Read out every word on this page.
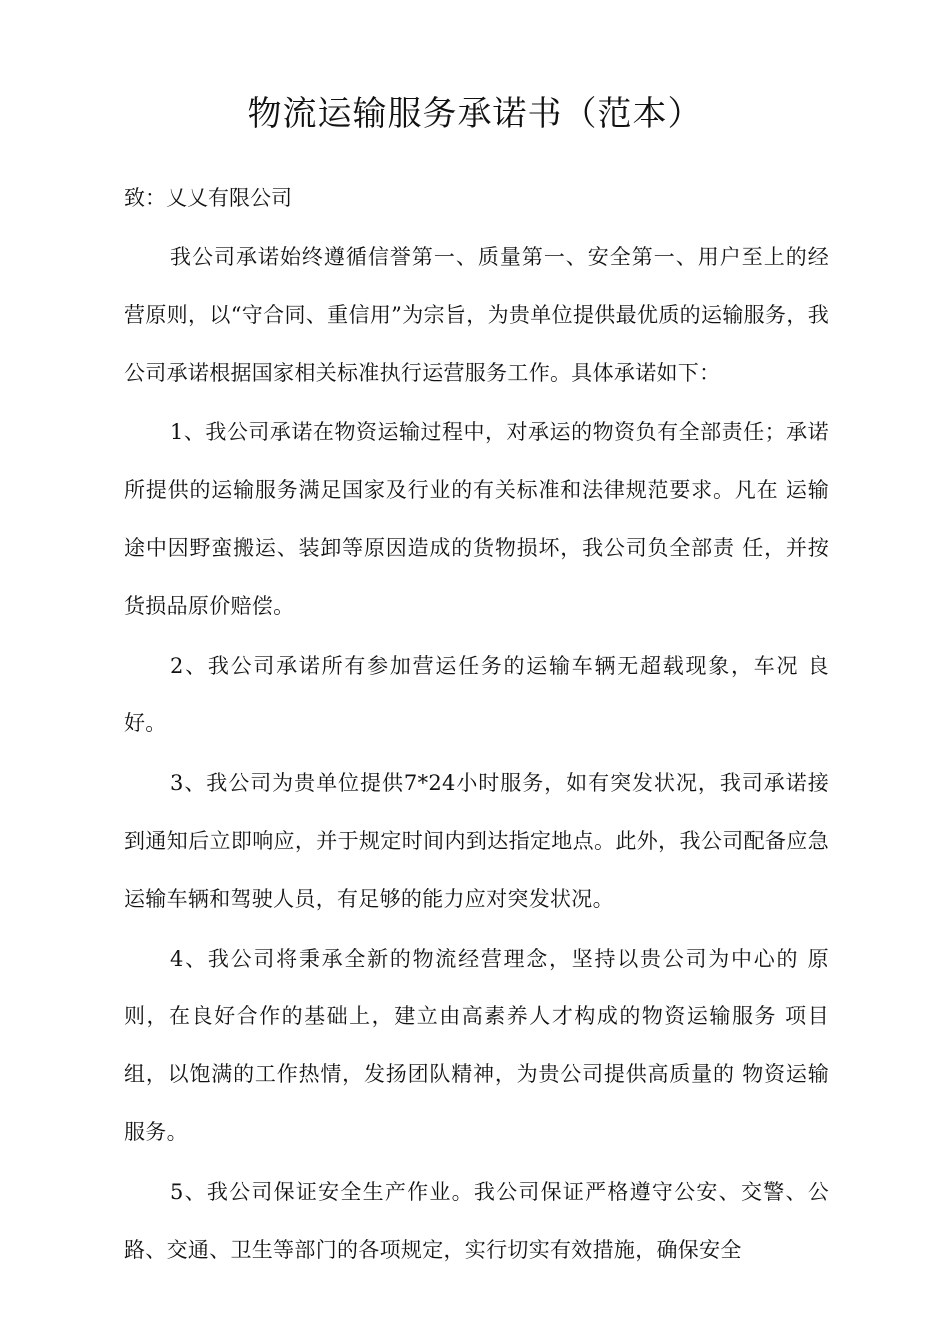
物流运输服务承诺书（范本）

致：乂乂有限公司

我公司承诺始终遵循信誉第一、质量第一、安全第一、用户至上的经营原则，以“守合同、重信用”为宗旨，为贵单位提供最优质的运输服务，我公司承诺根据国家相关标准执行运营服务工作。具体承诺如下：

1、我公司承诺在物资运输过程中，对承运的物资负有全部责任；承诺所提供的运输服务满足国家及行业的有关标准和法律规范要求。凡在 运输途中因野蛮搬运、装卸等原因造成的货物损坏，我公司负全部责 任，并按货损品原价赔偿。

2、我公司承诺所有参加营运任务的运输车辆无超载现象，车况 良好。

3、我公司为贵单位提供7*24小时服务，如有突发状况，我司承诺接到通知后立即响应，并于规定时间内到达指定地点。此外，我公司配备应急运输车辆和驾驶人员，有足够的能力应对突发状况。

4、我公司将秉承全新的物流经营理念，坚持以贵公司为中心的 原则，在良好合作的基础上，建立由高素养人才构成的物资运输服务 项目组，以饱满的工作热情，发扬团队精神，为贵公司提供高质量的 物资运输服务。

5、我公司保证安全生产作业。我公司保证严格遵守公安、交警、公路、交通、卫生等部门的各项规定，实行切实有效措施，确保安全
